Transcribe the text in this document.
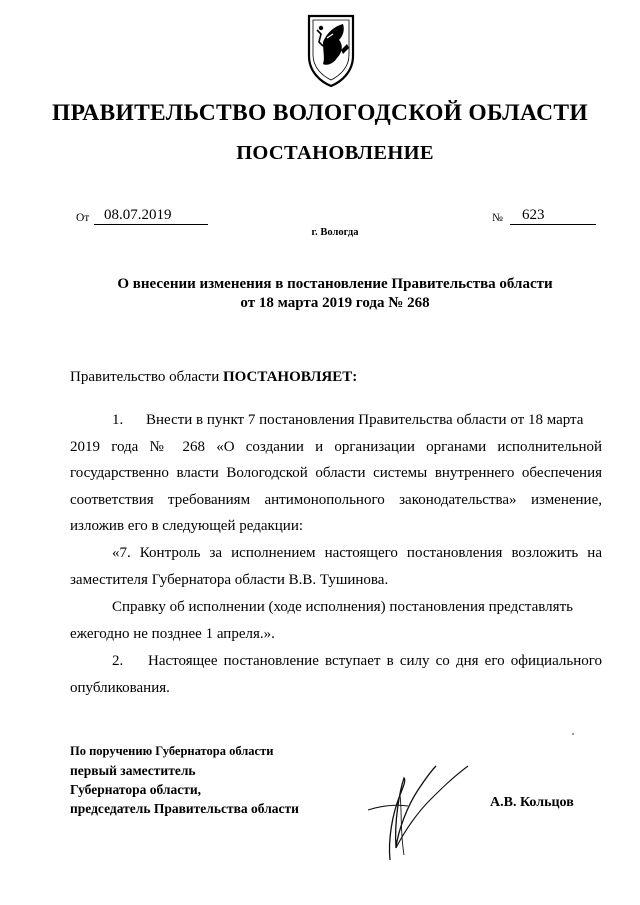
ПРАВИТЕЛЬСТВО ВОЛОГОДСКОЙ ОБЛАСТИ
ПОСТАНОВЛЕНИЕ
От 08.07.2019	№	623
г. Вологда
О внесении изменения в постановление Правительства области
от 18 марта 2019 года № 268
Правительство области ПОСТАНОВЛЯЕТ:
1. Внести в пункт 7 постановления Правительства области от 18 марта
2019 года № 268 «О создании и организации органами исполнительной
государственно власти Вологодской области системы внутреннего обеспечения
соответствия требованиям антимонопольного законодательства» изменение,
изложив его в следующей редакции:
«7. Контроль за исполнением настоящего постановления возложить на
заместителя Губернатора области В.В. Тушинова.
Справку об исполнении (ходе исполнения) постановления представлять
ежегодно не позднее 1 апреля.».
2. Настоящее постановление вступает в силу со дня его официального
опубликования.
По поручению Губернатора области
первый заместитель
Губернатора области,
председатель Правительства области	А.В. Кольцов
